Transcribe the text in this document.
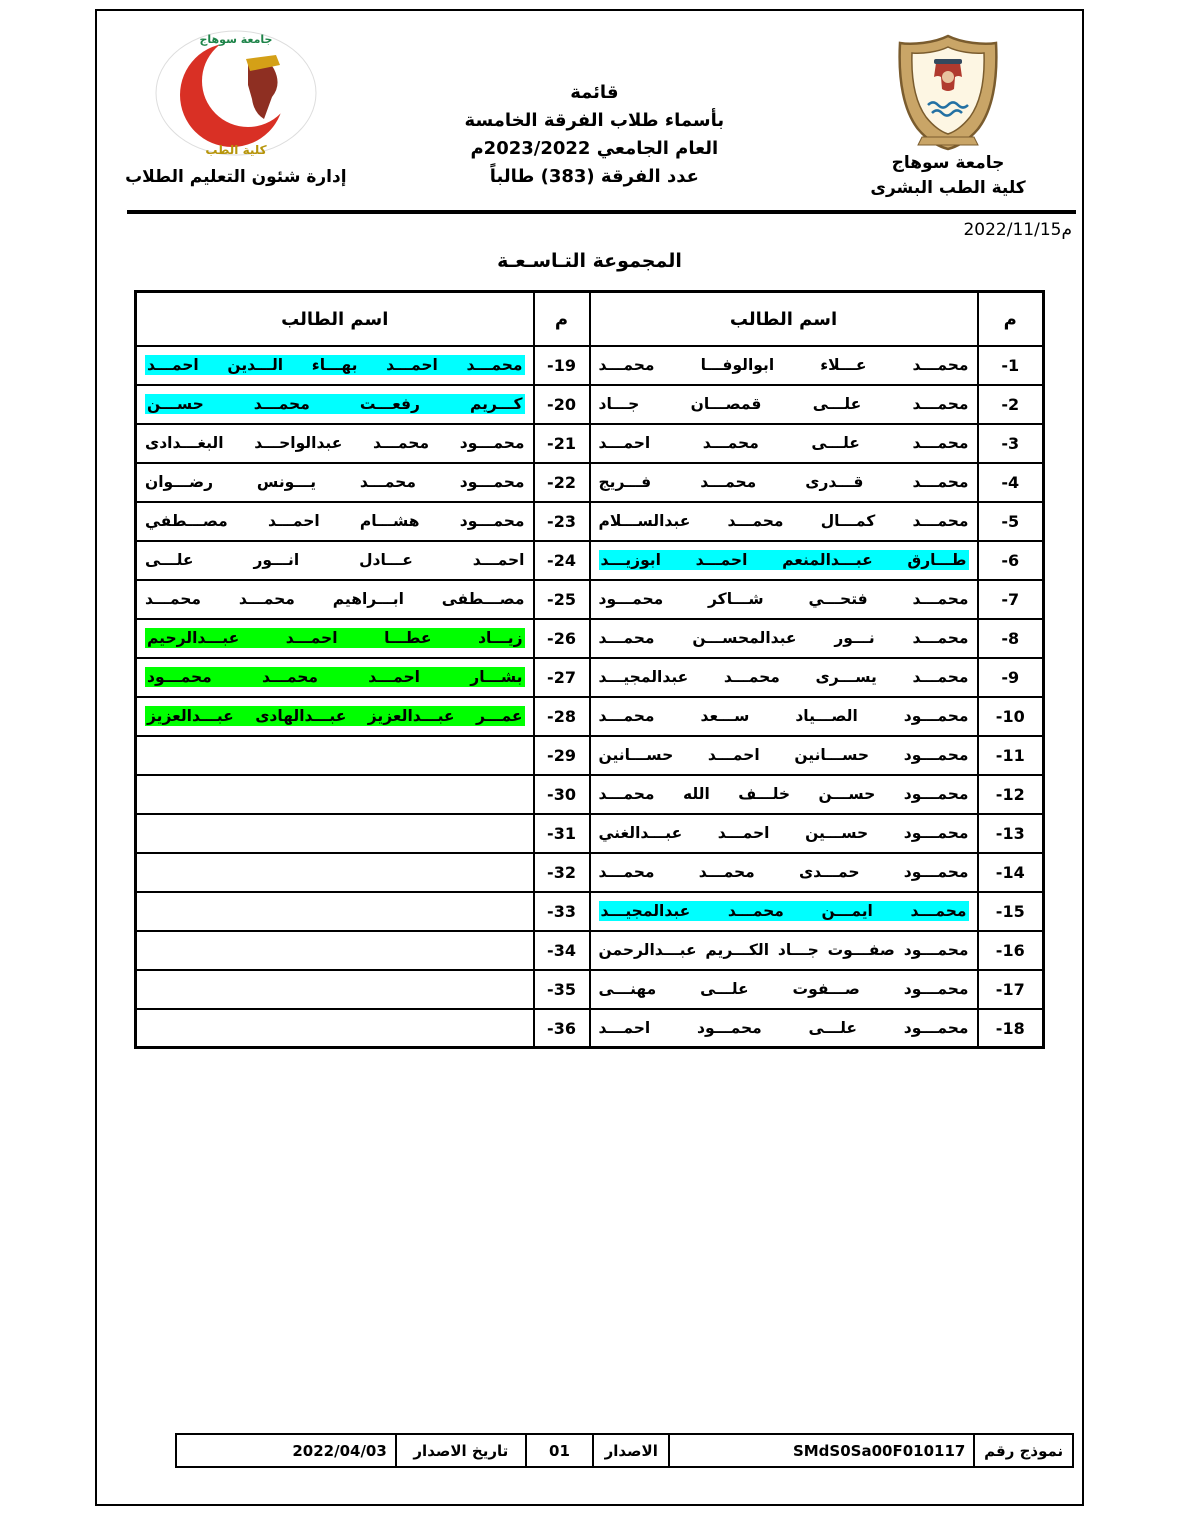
جامعة سوهاج
كلية الطب البشرى
قائمة
بأسماء طلاب الفرقة الخامسة
العام الجامعي 2023/2022م
عدد الفرقة (383) طالباً
جامعة سوهاج
كلية الطب
إدارة شئون التعليم الطلاب
2022/11/15م
المجموعة التـاسـعـة
م	اسم الطالب	م	اسم الطالب
1-	محمـــد عـــلاء ابوالوفـــا محمـــد	19-	محمـــد احمـــد بهـــاء الـــدين احمـــد
2-	محمـــد علـــى قمصـــان جـــاد	20-	كـــريم رفعـــت محمـــد حســـن
3-	محمـــد علـــى محمـــد احمـــد	21-	محمـــود محمـــد عبدالواحـــد البغـــدادى
4-	محمـــد قـــدرى محمـــد فـــريج	22-	محمـــود محمـــد يـــونس رضـــوان
5-	محمـــد كمـــال محمـــد عبدالســـلام	23-	محمـــود هشـــام احمـــد مصـــطفي
6-	طـــارق عبـــدالمنعم احمـــد ابوزيـــد	24-	احمـــد عـــادل انـــور علـــى
7-	محمـــد فتحـــي شـــاكر محمـــود	25-	مصـــطفى ابـــراهيم محمـــد محمـــد
8-	محمـــد نـــور عبدالمحســـن محمـــد	26-	زيـــاد عطـــا احمـــد عبـــدالرحيم
9-	محمـــد يســـرى محمـــد عبدالمجيـــد	27-	بشـــار احمـــد محمـــد محمـــود
10-	محمـــود الصـــياد ســـعد محمـــد	28-	عمـــر عبـــدالعزيز عبـــدالهادى عبـــدالعزيز
11-	محمـــود حســـانين احمـــد حســـانين	29-	
12-	محمـــود حســـن خلـــف الله محمـــد	30-	
13-	محمـــود حســـين احمـــد عبـــدالغني	31-	
14-	محمـــود حمـــدى محمـــد محمـــد	32-	
15-	محمـــد ايمـــن محمـــد عبدالمجيـــد	33-	
16-	محمـــود صفـــوت جـــاد الكـــريم عبـــدالرحمن	34-	
17-	محمـــود صـــفوت علـــى مهنـــى	35-	
18-	محمـــود علـــى محمـــود احمـــد	36-	
نموذج رقم	SMdS0Sa00F010117	الاصدار	01	تاريخ الاصدار	2022/04/03
